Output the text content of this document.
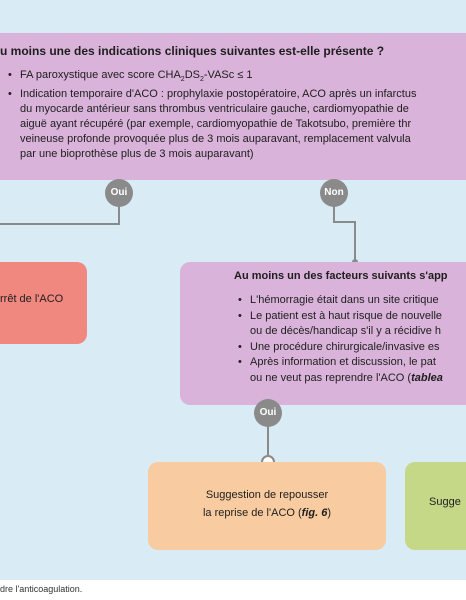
u moins une des indications cliniques suivantes est-elle présente ?
• FA paroxystique avec score $CHA_2DS_2$-VASc ≤ 1
• Indication temporaire d'ACO : prophylaxie postopératoire, ACO après un infarctus
du myocarde antérieur sans thrombus ventriculaire gauche, cardiomyopathie de
aiguë ayant récupéré (par exemple, cardiomyopathie de Takotsubo, première thr
veineuse profonde provoquée plus de 3 mois auparavant, remplacement valvula
par une bioprothèse plus de 3 mois auparavant)
Oui	Non
rrêt de l'ACO
Au moins un des facteurs suivants s'app
• L'hémorragie était dans un site critique
• Le patient est à haut risque de nouvelle
ou de décès/handicap s'il y a récidive h
• Une procédure chirurgicale/invasive es
• Après information et discussion, le pat
ou ne veut pas reprendre l'ACO (tablea
Oui
Suggestion de repousser
la reprise de l'ACO (fig. 6)
Sugge
dre l'anticoagulation.
